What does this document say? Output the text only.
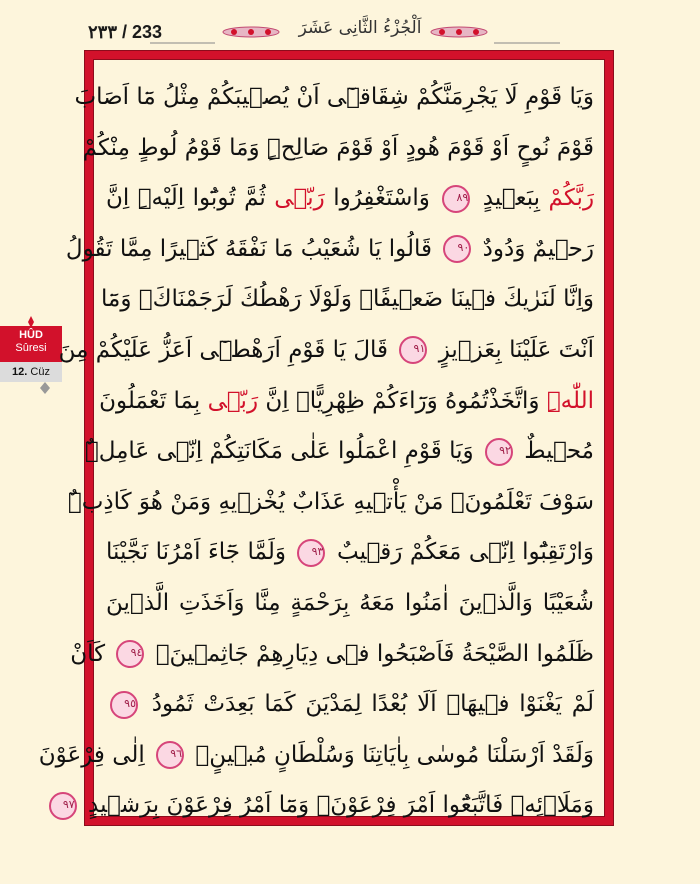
۲۳۳ / 233	اَلْجُزْءُ الثَّانِى عَشَرَ
HÛD
Sûresi
12. Cüz
وَيَا قَوْمِ لَا يَجْرِمَنَّكُمْ شِقَاقٖٓى اَنْ يُصٖيبَكُمْ مِثْلُ مَٓا اَصَابَ
قَوْمَ نُوحٍ اَوْ قَوْمَ هُودٍ اَوْ قَوْمَ صَالِحٍۜ وَمَا قَوْمُ لُوطٍ مِنْكُمْ
رَبَّكُمْ بِبَعٖيدٍ ٨٩ وَاسْتَغْفِرُوا رَبّٖى ثُمَّ تُوبُٓوا اِلَيْهِۜ اِنَّ
رَحٖيمٌ وَدُودٌ ٩٠ قَالُوا يَا شُعَيْبُ مَا نَفْقَهُ كَثٖيرًا مِمَّا تَقُولُ
وَاِنَّا لَنَرٰيكَ فٖينَا ضَعٖيفًاۚ وَلَوْلَا رَهْطُكَ لَرَجَمْنَاكَۘ وَمَٓا
اَنْتَ عَلَيْنَا بِعَزٖيزٍ ٩١ قَالَ يَا قَوْمِ اَرَهْطٖٓى اَعَزُّ عَلَيْكُمْ مِنَ
اللّٰهِۜ وَاتَّخَذْتُمُوهُ وَرَٓاءَكُمْ ظِهْرِيًّاۜ اِنَّ رَبّٖى بِمَا تَعْمَلُونَ
مُحٖيطٌ ٩٢ وَيَا قَوْمِ اعْمَلُوا عَلٰى مَكَانَتِكُمْ اِنّٖى عَامِلٌۜ
سَوْفَ تَعْلَمُونَۙ مَنْ يَأْتٖيهِ عَذَابٌ يُخْزٖيهِ وَمَنْ هُوَ كَاذِبٌۜ
وَارْتَقِبُٓوا اِنّٖى مَعَكُمْ رَقٖيبٌ ٩٣ وَلَمَّا جَٓاءَ اَمْرُنَا نَجَّيْنَا
شُعَيْبًا وَالَّذٖينَ اٰمَنُوا مَعَهُ بِرَحْمَةٍ مِنَّا وَاَخَذَتِ الَّذٖينَ
ظَلَمُوا الصَّيْحَةُ فَاَصْبَحُوا فٖى دِيَارِهِمْ جَاثِمٖينَۙ ٩٤ كَاَنْ
لَمْ يَغْنَوْا فٖيهَاۜ اَلَا بُعْدًا لِمَدْيَنَ كَمَا بَعِدَتْ ثَمُودُ ٩٥
وَلَقَدْ اَرْسَلْنَا مُوسٰى بِاٰيَاتِنَا وَسُلْطَانٍ مُبٖينٍۙ ٩٦ اِلٰى فِرْعَوْنَ
وَمَلَا۬ئِهٖ فَاتَّبَعُٓوا اَمْرَ فِرْعَوْنَۚ وَمَٓا اَمْرُ فِرْعَوْنَ بِرَشٖيدٍ ٩٧
